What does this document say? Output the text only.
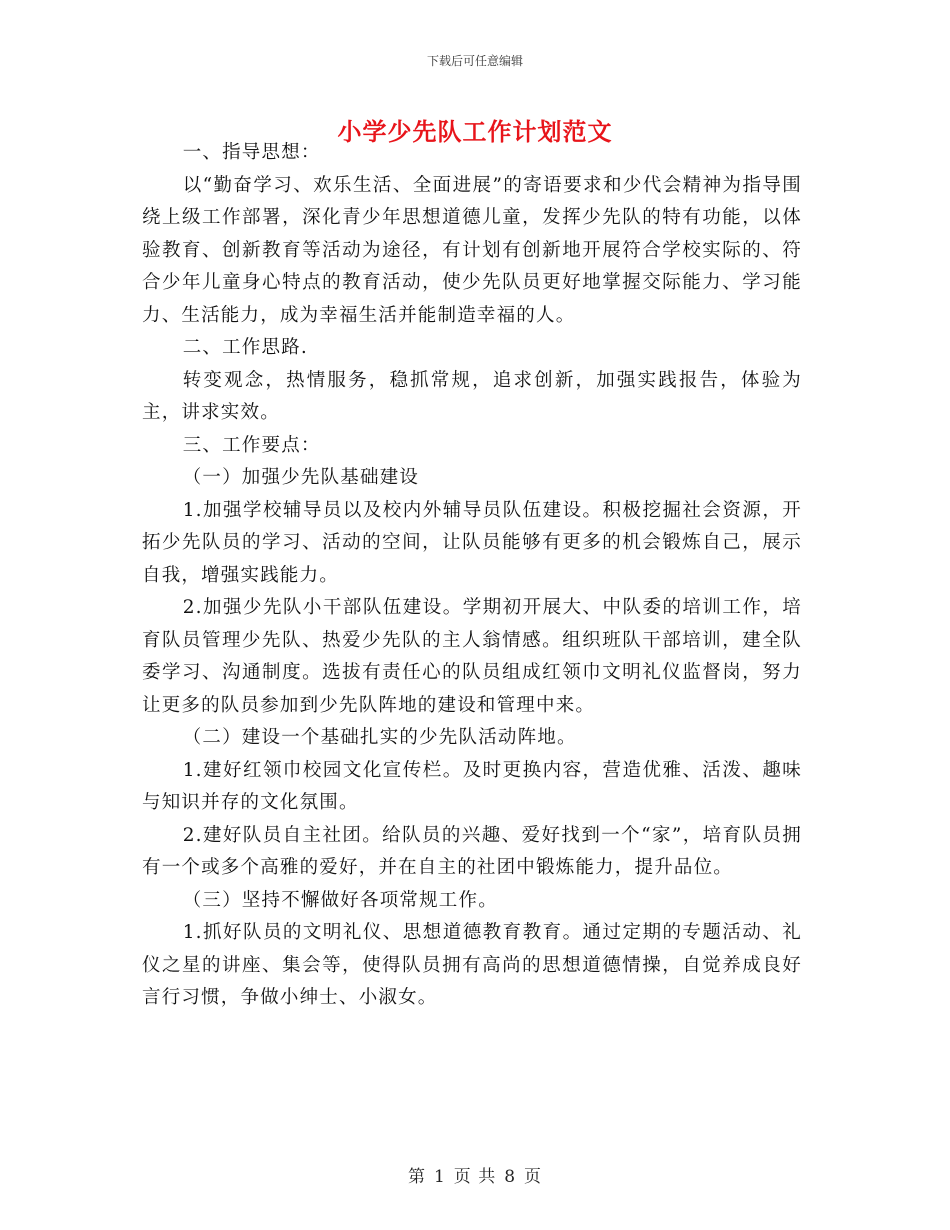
下载后可任意编辑
小学少先队工作计划范文

一、指导思想：

以“勤奋学习、欢乐生活、全面进展”的寄语要求和少代会精神为指导围绕上级工作部署，深化青少年思想道德儿童，发挥少先队的特有功能，以体验教育、创新教育等活动为途径，有计划有创新地开展符合学校实际的、符合少年儿童身心特点的教育活动，使少先队员更好地掌握交际能力、学习能力、生活能力，成为幸福生活并能制造幸福的人。

二、工作思路.

转变观念，热情服务，稳抓常规，追求创新，加强实践报告，体验为主，讲求实效。

三、工作要点：

（一）加强少先队基础建设

1.加强学校辅导员以及校内外辅导员队伍建设。积极挖掘社会资源，开拓少先队员的学习、活动的空间，让队员能够有更多的机会锻炼自己，展示自我，增强实践能力。

2.加强少先队小干部队伍建设。学期初开展大、中队委的培训工作，培育队员管理少先队、热爱少先队的主人翁情感。组织班队干部培训，建全队委学习、沟通制度。选拔有责任心的队员组成红领巾文明礼仪监督岗，努力让更多的队员参加到少先队阵地的建设和管理中来。

（二）建设一个基础扎实的少先队活动阵地。

1.建好红领巾校园文化宣传栏。及时更换内容，营造优雅、活泼、趣味与知识并存的文化氛围。

2.建好队员自主社团。给队员的兴趣、爱好找到一个“家”，培育队员拥有一个或多个高雅的爱好，并在自主的社团中锻炼能力，提升品位。

（三）坚持不懈做好各项常规工作。

1.抓好队员的文明礼仪、思想道德教育教育。通过定期的专题活动、礼仪之星的讲座、集会等，使得队员拥有高尚的思想道德情操，自觉养成良好言行习惯，争做小绅士、小淑女。

第 1 页 共 8 页
